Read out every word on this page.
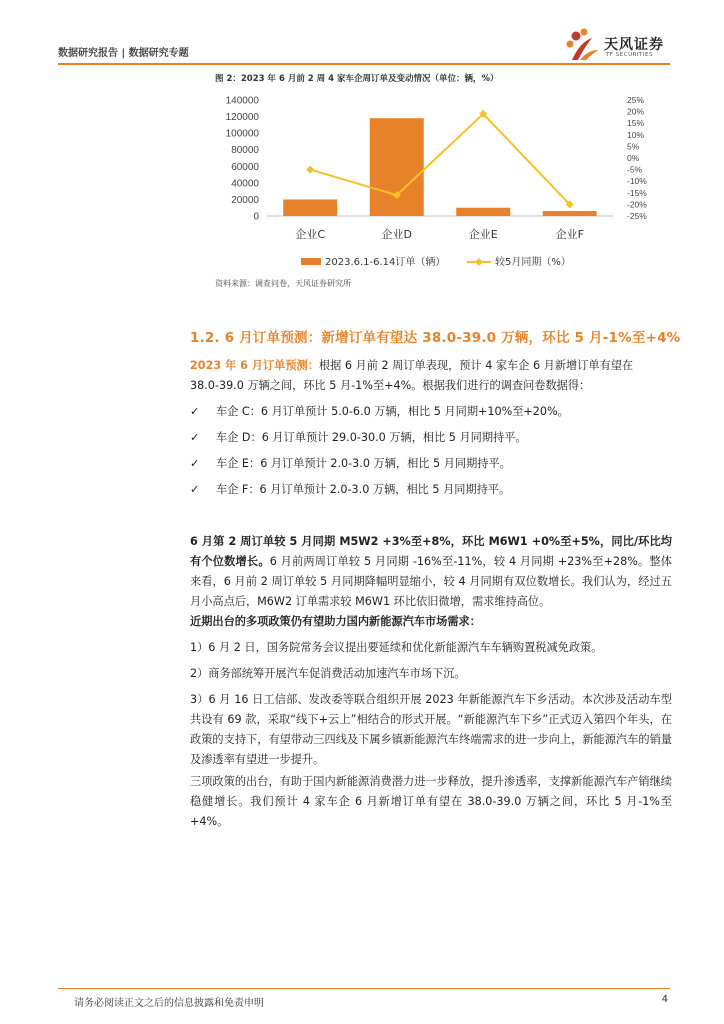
数据研究报告 | 数据研究专题
天风证券
TF SECURITIES
图 2：2023 年 6 月前 2 周 4 家车企周订单及变动情况（单位：辆，%）
140000
120000
100000
80000
60000
40000
20000
0
25%
20%
15%
10%
5%
0%
-5%
-10%
-15%
-20%
-25%
企业C	企业D	企业E	企业F
2023.6.1-6.14订单（辆）	较5月同期（%）
资料来源：调查问卷，天风证券研究所
1.2. 6 月订单预测：新增订单有望达 38.0-39.0 万辆，环比 5 月-1%至+4%
2023 年 6 月订单预测：根据 6 月前 2 周订单表现，预计 4 家车企 6 月新增订单有望在
38.0-39.0 万辆之间，环比 5 月-1%至+4%。根据我们进行的调查问卷数据得：
✓	车企 C：6 月订单预计 5.0-6.0 万辆，相比 5 月同期+10%至+20%。
✓	车企 D：6 月订单预计 29.0-30.0 万辆，相比 5 月同期持平。
✓	车企 E：6 月订单预计 2.0-3.0 万辆，相比 5 月同期持平。
✓	车企 F：6 月订单预计 2.0-3.0 万辆，相比 5 月同期持平。
6 月第 2 周订单较 5 月同期 M5W2 +3%至+8%，环比 M6W1 +0%至+5%，同比/环比均有个位数增长。6 月前两周订单较 5 月同期 -16%至-11%，较 4 月同期 +23%至+28%。整体来看，6 月前 2 周订单较 5 月同期降幅明显缩小，较 4 月同期有双位数增长。我们认为，经过五月小高点后，M6W2 订单需求较 M6W1 环比依旧微增，需求维持高位。
近期出台的多项政策仍有望助力国内新能源汽车市场需求：
1）6 月 2 日，国务院常务会议提出要延续和优化新能源汽车车辆购置税减免政策。
2）商务部统筹开展汽车促消费活动加速汽车市场下沉。
3）6 月 16 日工信部、发改委等联合组织开展 2023 年新能源汽车下乡活动。本次涉及活动车型共设有 69 款，采取“线下+云上”相结合的形式开展。“新能源汽车下乡”正式迈入第四个年头，在政策的支持下，有望带动三四线及下属乡镇新能源汽车终端需求的进一步向上，新能源汽车的销量及渗透率有望进一步提升。
三项政策的出台，有助于国内新能源消费潜力进一步释放，提升渗透率，支撑新能源汽车产销继续稳健增长。我们预计 4 家车企 6 月新增订单有望在 38.0-39.0 万辆之间，环比 5 月-1%至+4%。
请务必阅读正文之后的信息披露和免责申明	4
